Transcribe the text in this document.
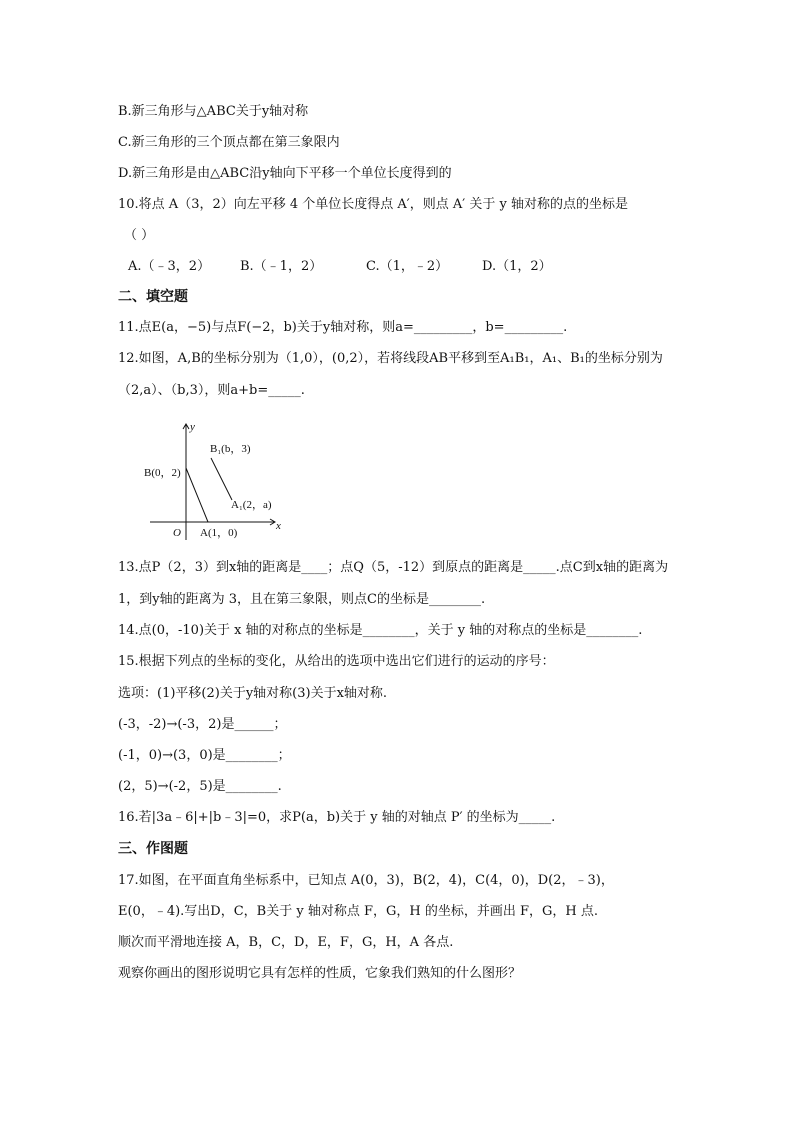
B.新三角形与△ABC关于y轴对称
C.新三角形的三个顶点都在第三象限内
D.新三角形是由△ABC沿y轴向下平移一个单位长度得到的
10.将点 A（3，2）向左平移 4 个单位长度得点 A′，则点 A′ 关于 y 轴对称的点的坐标是
（ ）
A.（﹣3，2） B.（﹣1，2）	C.（1，﹣2）	D.（1，2）
二、填空题
11.点E(a，−5)与点F(−2，b)关于y轴对称，则a=_________，b=_________.
12.如图，A,B的坐标分别为（1,0），(0,2），若将线段AB平移到至A₁B₁，A₁、B₁的坐标分别为
（2,a）、（b,3），则a+b=_____.
y
x
O
B(0，2)
A(1，0)
B₁(b，3)
A₁(2，a)
13.点P（2，3）到x轴的距离是____；点Q（5，-12）到原点的距离是_____.点C到x轴的距离为
1，到y轴的距离为 3，且在第三象限，则点C的坐标是________.
14.点(0，-10)关于 x 轴的对称点的坐标是________，关于 y 轴的对称点的坐标是________.
15.根据下列点的坐标的变化，从给出的选项中选出它们进行的运动的序号：
选项：(1)平移(2)关于y轴对称(3)关于x轴对称.
(-3，-2)→(-3，2)是______；
(-1，0)→(3，0)是________；
(2，5)→(-2，5)是________.
16.若|3a﹣6|+|b﹣3|=0，求P(a，b)关于 y 轴的对轴点 P′ 的坐标为_____.
三、作图题
17.如图，在平面直角坐标系中，已知点 A(0，3)，B(2，4)，C(4，0)，D(2，﹣3)，
E(0，﹣4).写出D，C，B关于 y 轴对称点 F，G，H 的坐标，并画出 F，G，H 点.
顺次而平滑地连接 A，B，C，D，E，F，G，H，A 各点.
观察你画出的图形说明它具有怎样的性质，它象我们熟知的什么图形？
